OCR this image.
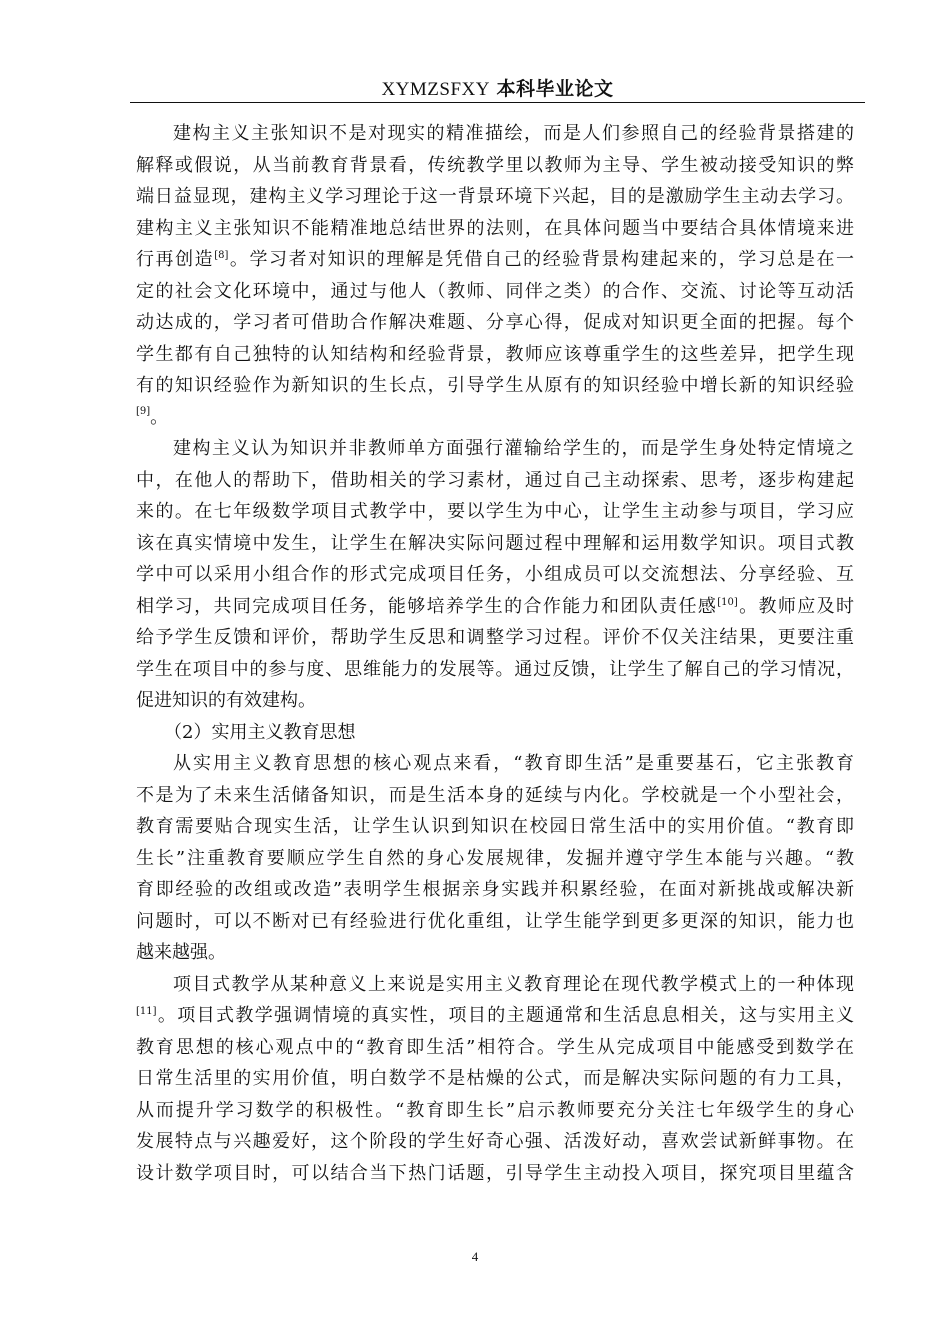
XYMZSFXY 本科毕业论文
建构主义主张知识不是对现实的精准描绘，而是人们参照自己的经验背景搭建的
解释或假说，从当前教育背景看，传统教学里以教师为主导、学生被动接受知识的弊
端日益显现，建构主义学习理论于这一背景环境下兴起，目的是激励学生主动去学习。
建构主义主张知识不能精准地总结世界的法则，在具体问题当中要结合具体情境来进
行再创造[8]。学习者对知识的理解是凭借自己的经验背景构建起来的，学习总是在一
定的社会文化环境中，通过与他人（教师、同伴之类）的合作、交流、讨论等互动活
动达成的，学习者可借助合作解决难题、分享心得，促成对知识更全面的把握。每个
学生都有自己独特的认知结构和经验背景，教师应该尊重学生的这些差异，把学生现
有的知识经验作为新知识的生长点，引导学生从原有的知识经验中增长新的知识经验
[9]。
建构主义认为知识并非教师单方面强行灌输给学生的，而是学生身处特定情境之
中，在他人的帮助下，借助相关的学习素材，通过自己主动探索、思考，逐步构建起
来的。在七年级数学项目式教学中，要以学生为中心，让学生主动参与项目，学习应
该在真实情境中发生，让学生在解决实际问题过程中理解和运用数学知识。项目式教
学中可以采用小组合作的形式完成项目任务，小组成员可以交流想法、分享经验、互
相学习，共同完成项目任务，能够培养学生的合作能力和团队责任感[10]。教师应及时
给予学生反馈和评价，帮助学生反思和调整学习过程。评价不仅关注结果，更要注重
学生在项目中的参与度、思维能力的发展等。通过反馈，让学生了解自己的学习情况，
促进知识的有效建构。
（2）实用主义教育思想
从实用主义教育思想的核心观点来看，“教育即生活”是重要基石，它主张教育
不是为了未来生活储备知识，而是生活本身的延续与内化。学校就是一个小型社会，
教育需要贴合现实生活，让学生认识到知识在校园日常生活中的实用价值。“教育即
生长”注重教育要顺应学生自然的身心发展规律，发掘并遵守学生本能与兴趣。“教
育即经验的改组或改造”表明学生根据亲身实践并积累经验，在面对新挑战或解决新
问题时，可以不断对已有经验进行优化重组，让学生能学到更多更深的知识，能力也
越来越强。
项目式教学从某种意义上来说是实用主义教育理论在现代教学模式上的一种体现
[11]。项目式教学强调情境的真实性，项目的主题通常和生活息息相关，这与实用主义
教育思想的核心观点中的“教育即生活”相符合。学生从完成项目中能感受到数学在
日常生活里的实用价值，明白数学不是枯燥的公式，而是解决实际问题的有力工具，
从而提升学习数学的积极性。“教育即生长”启示教师要充分关注七年级学生的身心
发展特点与兴趣爱好，这个阶段的学生好奇心强、活泼好动，喜欢尝试新鲜事物。在
设计数学项目时，可以结合当下热门话题，引导学生主动投入项目，探究项目里蕴含
4
